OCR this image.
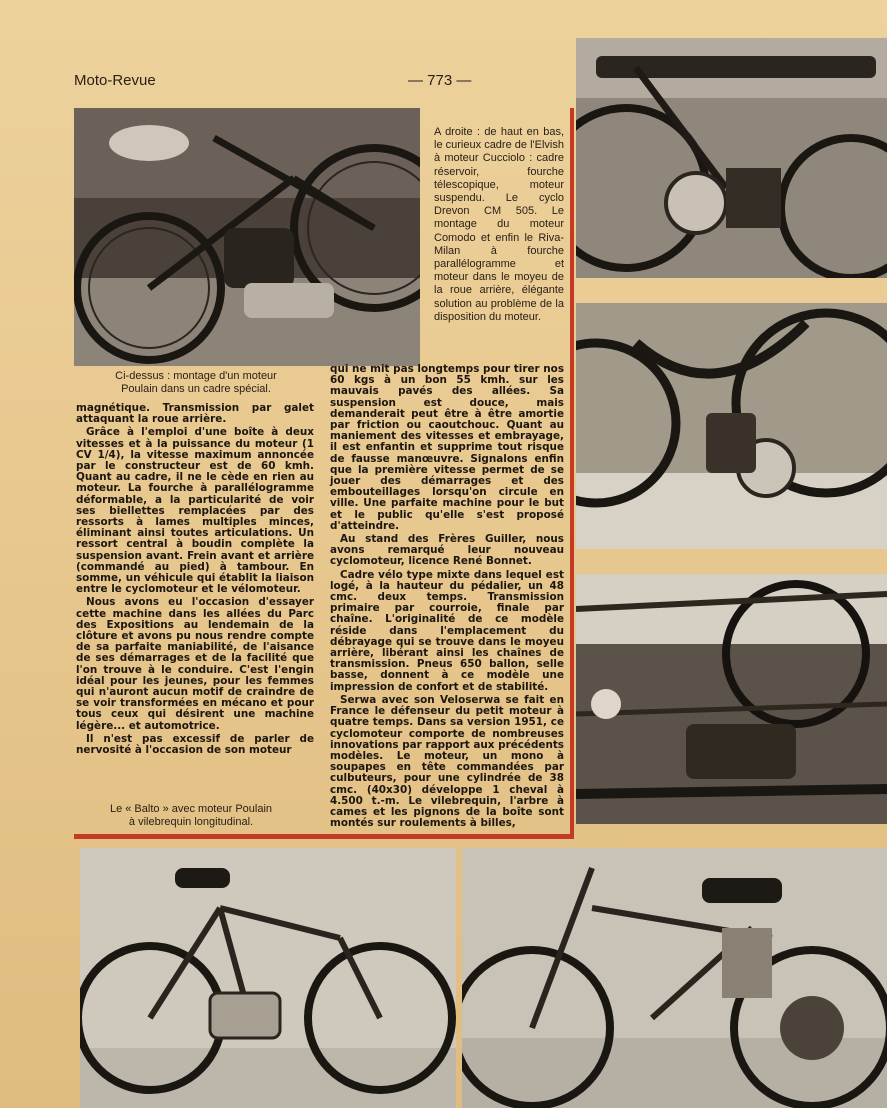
Moto-Revue	— 773 —
A droite : de haut en bas, le curieux cadre de l'Elvish à moteur Cucciolo : cadre réservoir, fourche télescopique, moteur suspendu. Le cyclo Drevon CM 505. Le montage du moteur Comodo et enfin le Riva-Milan à fourche parallélogramme et moteur dans le moyeu de la roue arrière, élégante solution au problème de la disposition du moteur.
Ci-dessus : montage d'un moteur
Poulain dans un cadre spécial.
Le « Balto » avec moteur Poulain
à vilebrequin longitudinal.

magnétique. Transmission par galet attaquant la roue arrière.

Grâce à l'emploi d'une boîte à deux vitesses et à la puissance du moteur (1 CV 1/4), la vitesse maximum annoncée par le constructeur est de 60 kmh. Quant au cadre, il ne le cède en rien au moteur. La fourche à parallélogramme déformable, a la particularité de voir ses biellettes remplacées par des ressorts à lames multiples minces, éliminant ainsi toutes articulations. Un ressort central à boudin complète la suspension avant. Frein avant et arrière (commandé au pied) à tambour. En somme, un véhicule qui établit la liaison entre le cyclomoteur et le vélomoteur.

Nous avons eu l'occasion d'essayer cette machine dans les allées du Parc des Expositions au lendemain de la clôture et avons pu nous rendre compte de sa parfaite maniabilité, de l'aisance de ses démarrages et de la facilité que l'on trouve à le conduire. C'est l'engin idéal pour les jeunes, pour les femmes qui n'auront aucun motif de craindre de se voir transformées en mécano et pour tous ceux qui désirent une machine légère... et automotrice.

Il n'est pas excessif de parler de nervosité à l'occasion de son moteur

qui ne mit pas longtemps pour tirer nos 60 kgs à un bon 55 kmh. sur les mauvais pavés des allées. Sa suspension est douce, mais demanderait peut être à être amortie par friction ou caoutchouc. Quant au maniement des vitesses et embrayage, il est enfantin et supprime tout risque de fausse manœuvre. Signalons enfin que la première vitesse permet de se jouer des démarrages et des embouteillages lorsqu'on circule en ville. Une parfaite machine pour le but et le public qu'elle s'est proposé d'atteindre.

Au stand des Frères Guiller, nous avons remarqué leur nouveau cyclomoteur, licence René Bonnet.

Cadre vélo type mixte dans lequel est logé, à la hauteur du pédalier, un 48 cmc. deux temps. Transmission primaire par courroie, finale par chaîne. L'originalité de ce modèle réside dans l'emplacement du débrayage qui se trouve dans le moyeu arrière, libérant ainsi les chaînes de transmission. Pneus 650 ballon, selle basse, donnent à ce modèle une impression de confort et de stabilité.

Serwa avec son Veloserwa se fait en France le défenseur du petit moteur à quatre temps. Dans sa version 1951, ce cyclomoteur comporte de nombreuses innovations par rapport aux précédents modèles. Le moteur, un mono à soupapes en tête commandées par culbuteurs, pour une cylindrée de 38 cmc. (40x30) développe 1 cheval à 4.500 t.-m. Le vilebrequin, l'arbre à cames et les pignons de la boîte sont montés sur roulements à billes,
